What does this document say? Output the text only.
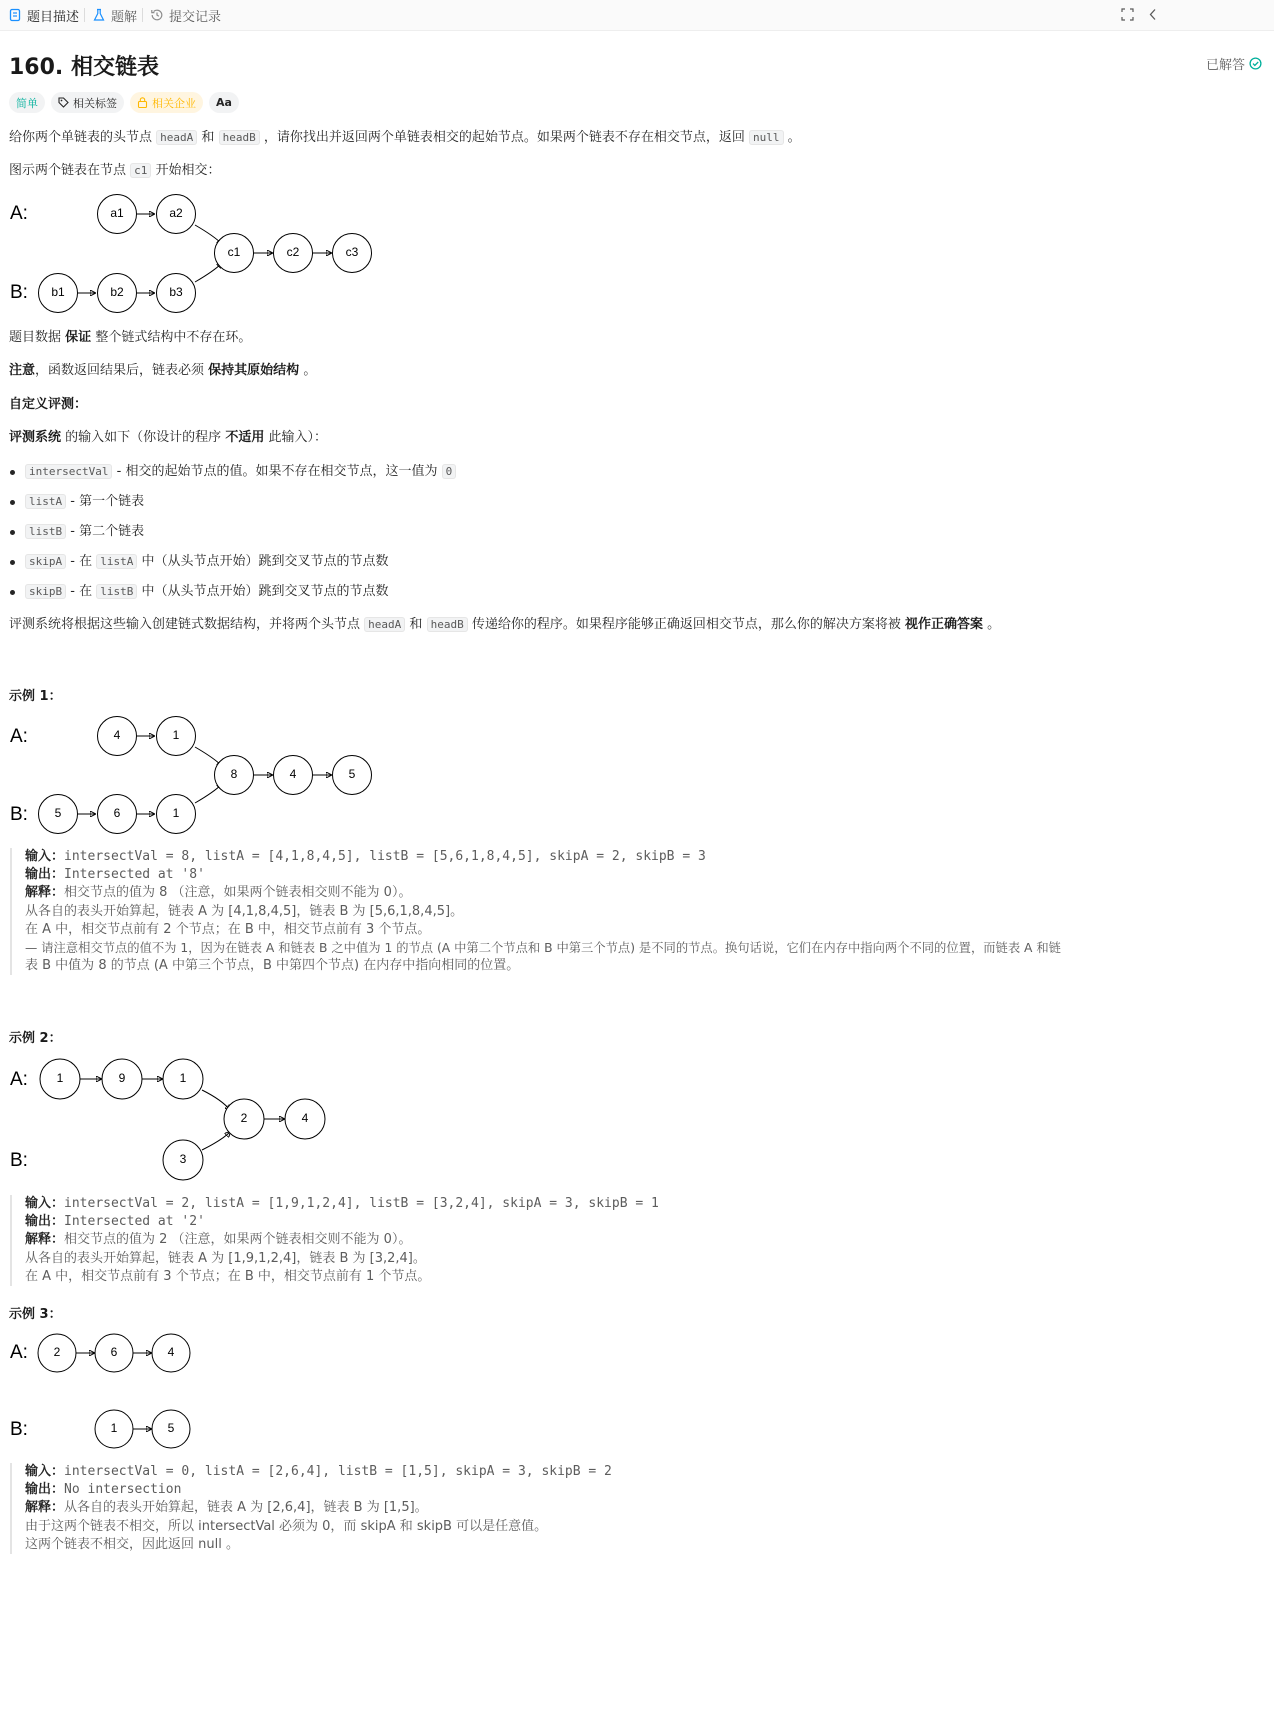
题目描述 题解 提交记录
160. 相交链表	已解答
简单	相关标签	相关企业 Aa

给你两个单链表的头节点 headA 和 headB ，请你找出并返回两个单链表相交的起始节点。如果两个链表不存在相交节点，返回 null 。

图示两个链表在节点 c1 开始相交：

A:
B:
a1	a2
b1	b2	b3
c1	c2	c3

题目数据 保证 整个链式结构中不存在环。

注意，函数返回结果后，链表必须 保持其原始结构 。

自定义评测：

评测系统 的输入如下（你设计的程序 不适用 此输入）：

intersectVal - 相交的起始节点的值。如果不存在相交节点，这一值为 0
listA - 第一个链表
listB - 第二个链表
skipA - 在 listA 中（从头节点开始）跳到交叉节点的节点数
skipB - 在 listB 中（从头节点开始）跳到交叉节点的节点数

评测系统将根据这些输入创建链式数据结构，并将两个头节点 headA 和 headB 传递给你的程序。如果程序能够正确返回相交节点，那么你的解决方案将被 视作正确答案 。

示例 1：

A:
B:
4	1
5	6	1
8	4	5
输入：intersectVal = 8, listA = [4,1,8,4,5], listB = [5,6,1,8,4,5], skipA = 2, skipB = 3
输出：Intersected at '8'
解释：相交节点的值为 8 （注意，如果两个链表相交则不能为 0）。
从各自的表头开始算起，链表 A 为 [4,1,8,4,5]，链表 B 为 [5,6,1,8,4,5]。
在 A 中，相交节点前有 2 个节点；在 B 中，相交节点前有 3 个节点。
— 请注意相交节点的值不为 1，因为在链表 A 和链表 B 之中值为 1 的节点 (A 中第二个节点和 B 中第三个节点) 是不同的节点。换句话说，它们在内存中指向两个不同的位置，而链表 A 和链
表 B 中值为 8 的节点 (A 中第三个节点，B 中第四个节点) 在内存中指向相同的位置。

示例 2：

A:
B:
1	9	1
3
2	4
输入：intersectVal = 2, listA = [1,9,1,2,4], listB = [3,2,4], skipA = 3, skipB = 1
输出：Intersected at '2'
解释：相交节点的值为 2 （注意，如果两个链表相交则不能为 0）。
从各自的表头开始算起，链表 A 为 [1,9,1,2,4]，链表 B 为 [3,2,4]。
在 A 中，相交节点前有 3 个节点；在 B 中，相交节点前有 1 个节点。

示例 3：

A:
B:
2	6	4
1	5
输入：intersectVal = 0, listA = [2,6,4], listB = [1,5], skipA = 3, skipB = 2
输出：No intersection
解释：从各自的表头开始算起，链表 A 为 [2,6,4]，链表 B 为 [1,5]。
由于这两个链表不相交，所以 intersectVal 必须为 0，而 skipA 和 skipB 可以是任意值。
这两个链表不相交，因此返回 null 。
